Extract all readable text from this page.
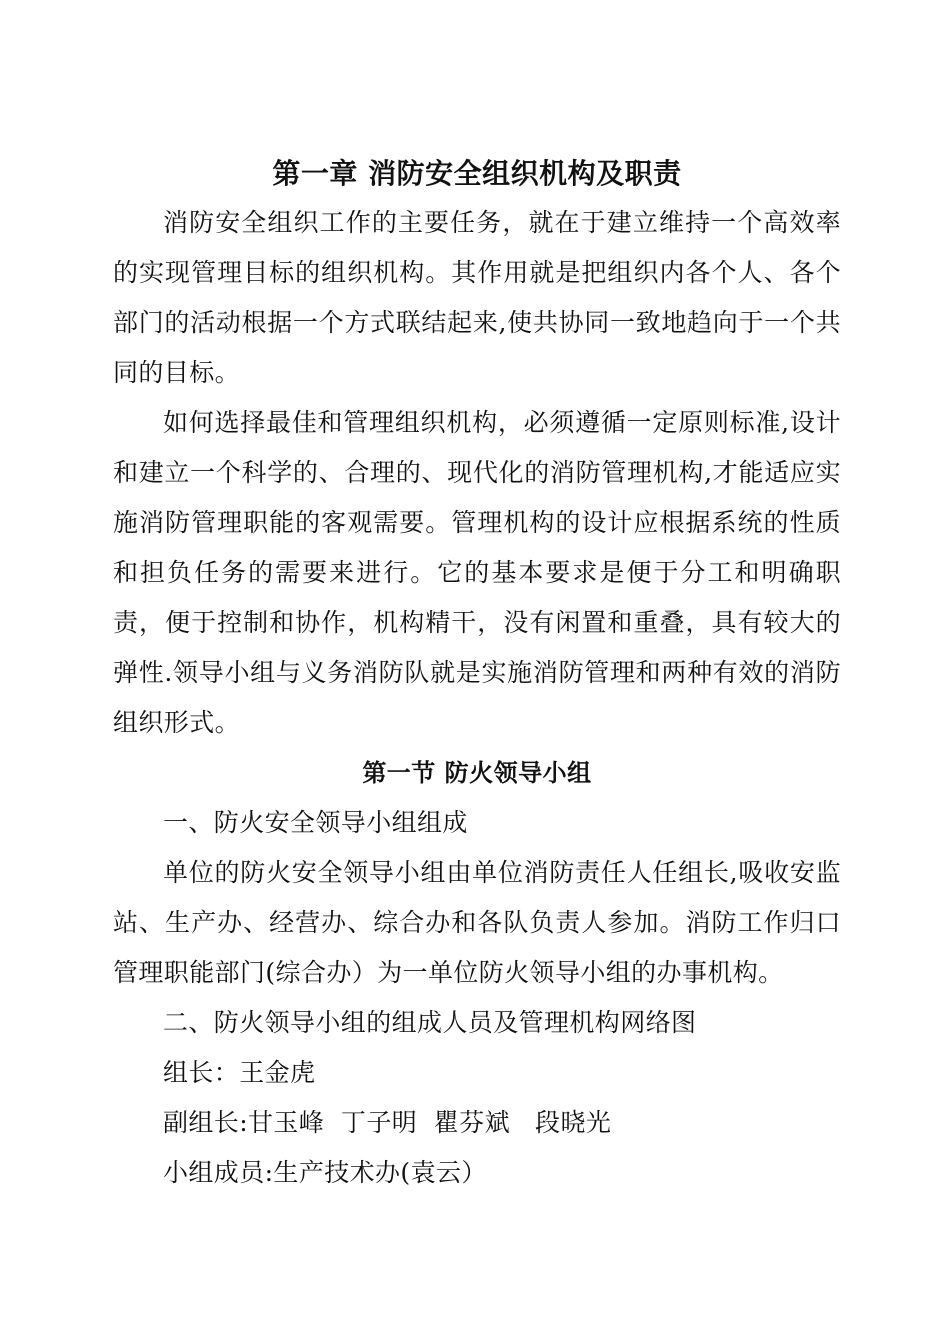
第一章 消防安全组织机构及职责

消防安全组织工作的主要任务，就在于建立维持一个高效率的实现管理目标的组织机构。其作用就是把组织内各个人、各个部门的活动根据一个方式联结起来,使共协同一致地趋向于一个共同的目标。

如何选择最佳和管理组织机构，必须遵循一定原则标准,设计和建立一个科学的、合理的、现代化的消防管理机构,才能适应实施消防管理职能的客观需要。管理机构的设计应根据系统的性质和担负任务的需要来进行。它的基本要求是便于分工和明确职责，便于控制和协作，机构精干，没有闲置和重叠，具有较大的弹性.领导小组与义务消防队就是实施消防管理和两种有效的消防组织形式。

第一节 防火领导小组

一、防火安全领导小组组成

单位的防火安全领导小组由单位消防责任人任组长,吸收安监站、生产办、经营办、综合办和各队负责人参加。消防工作归口管理职能部门(综合办）为一单位防火领导小组的办事机构。

二、防火领导小组的组成人员及管理机构网络图

组长：王金虎

副组长:甘玉峰  丁子明  瞿芬斌   段晓光

小组成员:生产技术办(袁云）
